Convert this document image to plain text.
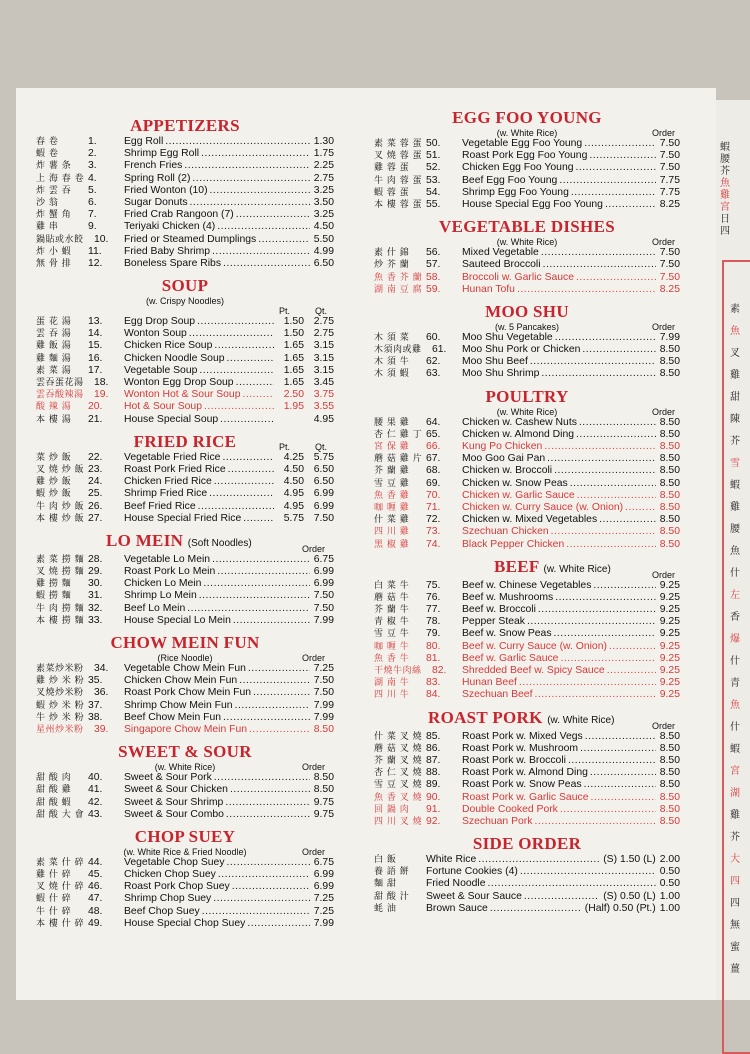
蝦
腰
芥
魚
雞
宮
日
四
素
魚
叉
雞
甜
陳
芥
雪
蝦
雞
腰
魚
什
左
香
爆
什
青
魚
什
蝦
宮
湖
雞
芥
大
四
四
無
蜜
薑
APPETIZERS
春 卷	1.	Egg Roll .....	1.30
蝦 卷	2.	Shrimp Egg Roll .....	1.75
炸 薯 条	3.	French Fries .....	2.25
上 海 春 卷 4.	Spring Roll (2) .....	2.75
炸 雲 吞	5.	Fried Wonton (10) .....	3.25
沙 翁	6.	Sugar Donuts .....	3.50
炸 蟹 角	7.	Fried Crab Rangoon (7) .....	3.25
雞 串	9.	Teriyaki Chicken (4) .....	4.50
鍋貼或水餃	10.	Fried or Steamed Dumplings .....	5.50
炸 小 蝦	11.	Fried Baby Shrimp .....	4.99
無 骨 排	12.	Boneless Spare Ribs .....	6.50
SOUP
(w. Crispy Noodles)
Pt.	Qt.
蛋 花 湯	13.	Egg Drop Soup .....	1.50 2.75
雲 吞 湯	14.	Wonton Soup .....	1.50 2.75
雞 飯 湯	15.	Chicken Rice Soup .....	1.65 3.15
雞 麵 湯	16.	Chicken Noodle Soup .....	1.65 3.15
素 菜 湯	17.	Vegetable Soup .....	1.65 3.15
雲吞蛋花湯	18.	Wonton Egg Drop Soup .....	1.65 3.45
雲吞酸辣湯	19.	Wonton Hot & Sour Soup .....	2.50 3.75
酸 辣 湯	20.	Hot & Sour Soup .....	1.95 3.55
本 樓 湯	21.	House Special Soup .....	4.95
FRIED RICE	Pt.	Qt.
菜 炒 飯	22.	Vegetable Fried Rice .....	4.25 5.75
叉 燒 炒 飯 23.	Roast Pork Fried Rice .....	4.50 6.50
雞 炒 飯	24.	Chicken Fried Rice .....	4.50 6.50
蝦 炒 飯	25.	Shrimp Fried Rice .....	4.95 6.99
牛 肉 炒 飯 26.	Beef Fried Rice .....	4.95 6.99
本 樓 炒 飯 27.	House Special Fried Rice .....	5.75 7.50
LO MEIN (Soft Noodles)	Order
素 菜 撈 麵 28.	Vegetable Lo Mein .....	6.75
叉 燒 撈 麵 29.	Roast Pork Lo Mein .....	6.99
雞 撈 麵	30.	Chicken Lo Mein .....	6.99
蝦 撈 麵	31.	Shrimp Lo Mein .....	7.50
牛 肉 撈 麵 32.	Beef Lo Mein .....	7.50
本 樓 撈 麵 33.	House Special Lo Mein .....	7.99
CHOW MEIN FUN
(Rice Noodle)	Order
素菜炒米粉	34.	Vegetable Chow Mein Fun .....	7.25
雞 炒 米 粉 35.	Chicken Chow Mein Fun .....	7.50
叉燒炒米粉	36.	Roast Pork Chow Mein Fun .....	7.50
蝦 炒 米 粉 37.	Shrimp Chow Mein Fun .....	7.99
牛 炒 米 粉 38.	Beef Chow Mein Fun .....	7.99
星州炒米粉	39.	Singapore Chow Mein Fun .....	8.50
SWEET & SOUR
(w. White Rice)	Order
甜 酸 肉	40.	Sweet & Sour Pork .....	8.50
甜 酸 雞	41.	Sweet & Sour Chicken .....	8.50
甜 酸 蝦	42.	Sweet & Sour Shrimp .....	9.75
甜 酸 大 會 43.	Sweet & Sour Combo .....	9.75
CHOP SUEY
(w. White Rice & Fried Noodle)	Order
素 菜 什 碎 44.	Vegetable Chop Suey .....	6.75
雞 什 碎	45.	Chicken Chop Suey .....	6.99
叉 燒 什 碎 46.	Roast Pork Chop Suey .....	6.99
蝦 什 碎	47.	Shrimp Chop Suey .....	7.25
牛 什 碎	48.	Beef Chop Suey .....	7.25
本 樓 什 碎 49.	House Special Chop Suey .....	7.99
EGG FOO YOUNG
(w. White Rice)	Order
素 菜 蓉 蛋 50.	Vegetable Egg Foo Young .....	7.50
叉 燒 蓉 蛋 51.	Roast Pork Egg Foo Young .....	7.50
雞 蓉 蛋	52.	Chicken Egg Foo Young .....	7.50
牛 肉 蓉 蛋 53.	Beef Egg Foo Young .....	7.75
蝦 蓉 蛋	54.	Shrimp Egg Foo Young .....	7.75
本 樓 蓉 蛋 55.	House Special Egg Foo Young .....	8.25
VEGETABLE DISHES
(w. White Rice)	Order
素 什 錦	56.	Mixed Vegetable .....	7.50
炒 芥 蘭	57.	Sauteed Broccoli .....	7.50
魚 香 芥 蘭 58.	Broccoli w. Garlic Sauce .....	7.50
湖 南 豆 腐 59.	Hunan Tofu .....	8.25
MOO SHU
(w. 5 Pancakes)	Order
木 須 菜	60.	Moo Shu Vegetable .....	7.99
木須肉或雞	61.	Moo Shu Pork or Chicken .....	8.50
木 須 牛	62.	Moo Shu Beef .....	8.50
木 須 蝦	63.	Moo Shu Shrimp .....	8.50
POULTRY
(w. White Rice)	Order
腰 果 雞	64.	Chicken w. Cashew Nuts .....	8.50
杏 仁 雞 丁 65.	Chicken w. Almond Ding .....	8.50
宮 保 雞	66.	Kung Po Chicken .....	8.50
蘑 菇 雞 片 67.	Moo Goo Gai Pan .....	8.50
芥 蘭 雞	68.	Chicken w. Broccoli .....	8.50
雪 豆 雞	69.	Chicken w. Snow Peas .....	8.50
魚 香 雞	70.	Chicken w. Garlic Sauce .....	8.50
咖 喱 雞	71.	Chicken w. Curry Sauce (w. Onion) .....	8.50
什 菜 雞	72.	Chicken w. Mixed Vegetables .....	8.50
四 川 雞	73.	Szechuan Chicken .....	8.50
黑 椒 雞	74.	Black Pepper Chicken .....	8.50
BEEF (w. White Rice)	Order
白 菜 牛	75.	Beef w. Chinese Vegetables .....	9.25
蘑 菇 牛	76.	Beef w. Mushrooms .....	9.25
芥 蘭 牛	77.	Beef w. Broccoli .....	9.25
青 椒 牛	78.	Pepper Steak .....	9.25
雪 豆 牛	79.	Beef w. Snow Peas .....	9.25
咖 喱 牛	80.	Beef w. Curry Sauce (w. Onion) .....	9.25
魚 香 牛	81.	Beef w. Garlic Sauce .....	9.25
干燒牛肉絲	82.	Shredded Beef w. Spicy Sauce .....	9.25
湖 南 牛	83.	Hunan Beef .....	9.25
四 川 牛	84.	Szechuan Beef .....	9.25
ROAST PORK (w. White Rice)	Order
什 菜 叉 燒 85.	Roast Pork w. Mixed Vegs .....	8.50
蘑 菇 叉 燒 86.	Roast Pork w. Mushroom .....	8.50
芥 蘭 叉 燒 87.	Roast Pork w. Broccoli .....	8.50
杏 仁 叉 燒 88.	Roast Pork w. Almond Ding .....	8.50
雪 豆 叉 燒 89.	Roast Pork w. Snow Peas .....	8.50
魚 香 叉 燒 90.	Roast Pork w. Garlic Sauce .....	8.50
回 鍋 肉	91.	Double Cooked Pork .....	8.50
四 川 叉 燒 92.	Szechuan Pork .....	8.50
SIDE ORDER
白 飯	White Rice .....	(S) 1.50 (L) 2.00
養 語 餅	Fortune Cookies (4) .....	0.50
麵 甜	Fried Noodle .....	0.50
甜 酸 汁	Sweet & Sour Sauce .....	(S) 0.50 (L) 1.00
蚝 油	Brown Sauce .....	(Half) 0.50 (Pt.) 1.00
